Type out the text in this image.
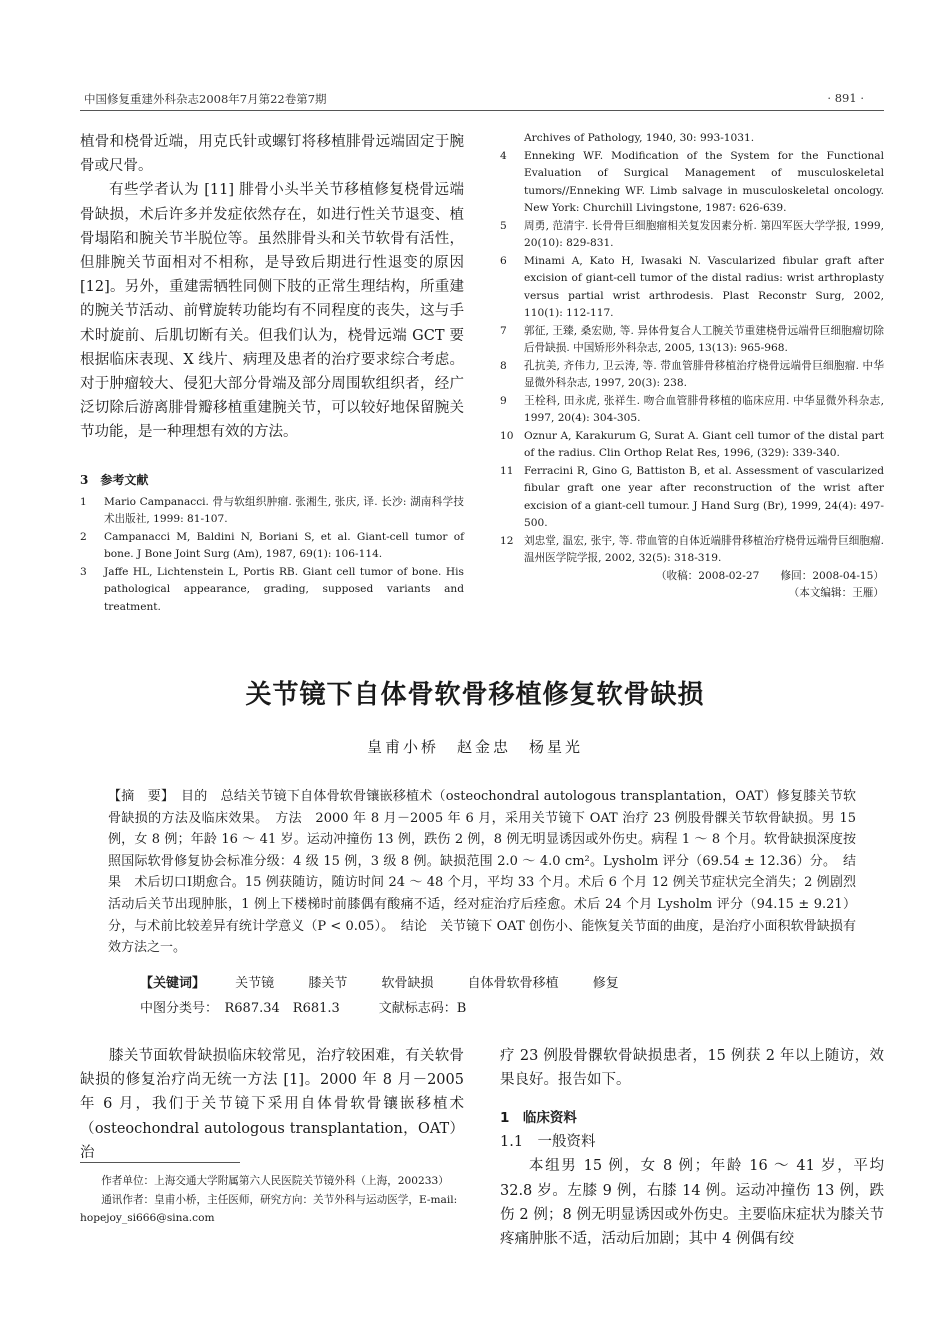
中国修复重建外科杂志2008年7月第22卷第7期	· 891 ·

植骨和桡骨近端，用克氏针或螺钉将移植腓骨远端固定于腕骨或尺骨。

有些学者认为 [11] 腓骨小头半关节移植修复桡骨远端骨缺损，术后许多并发症依然存在，如进行性关节退变、植骨塌陷和腕关节半脱位等。虽然腓骨头和关节软骨有活性，但腓腕关节面相对不相称，是导致后期进行性退变的原因 [12]。另外，重建需牺牲同侧下肢的正常生理结构，所重建的腕关节活动、前臂旋转功能均有不同程度的丧失，这与手术时旋前、后肌切断有关。但我们认为，桡骨远端 GCT 要根据临床表现、X 线片、病理及患者的治疗要求综合考虑。对于肿瘤较大、侵犯大部分骨端及部分周围软组织者，经广泛切除后游离腓骨瓣移植重建腕关节，可以较好地保留腕关节功能，是一种理想有效的方法。

3　参考文献

1	Mario Campanacci. 骨与软组织肿瘤. 张湘生, 张庆, 译. 长沙: 湖南科学技术出版社, 1999: 81-107.
2	Campanacci M, Baldini N, Boriani S, et al. Giant-cell tumor of bone. J Bone Joint Surg (Am), 1987, 69(1): 106-114.
3	Jaffe HL, Lichtenstein L, Portis RB. Giant cell tumor of bone. His pathological appearance, grading, supposed variants and treatment.
Archives of Pathology, 1940, 30: 993-1031.
4	Enneking WF. Modification of the System for the Functional Evaluation of Surgical Management of musculoskeletal tumors//Enneking WF. Limb salvage in musculoskeletal oncology. New York: Churchill Livingstone, 1987: 626-639.
5	周勇, 范清宇. 长骨骨巨细胞瘤相关复发因素分析. 第四军医大学学报, 1999, 20(10): 829-831.
6	Minami A, Kato H, Iwasaki N. Vascularized fibular graft after excision of giant-cell tumor of the distal radius: wrist arthroplasty versus partial wrist arthrodesis. Plast Reconstr Surg, 2002, 110(1): 112-117.
7	郭征, 王臻, 桑宏勋, 等. 异体骨复合人工腕关节重建桡骨远端骨巨细胞瘤切除后骨缺损. 中国矫形外科杂志, 2005, 13(13): 965-968.
8	孔抗美, 齐伟力, 卫云涛, 等. 带血管腓骨移植治疗桡骨远端骨巨细胞瘤. 中华显微外科杂志, 1997, 20(3): 238.
9	王栓科, 田永虎, 张祥生. 吻合血管腓骨移植的临床应用. 中华显微外科杂志, 1997, 20(4): 304-305.
10 Oznur A, Karakurum G, Surat A. Giant cell tumor of the distal part of the radius. Clin Orthop Relat Res, 1996, (329): 339-340.
11 Ferracini R, Gino G, Battiston B, et al. Assessment of vascularized fibular graft one year after reconstruction of the wrist after excision of a giant-cell tumour. J Hand Surg (Br), 1999, 24(4): 497-500.
12 刘忠堂, 温宏, 张宇, 等. 带血管的自体近端腓骨移植治疗桡骨远端骨巨细胞瘤. 温州医学院学报, 2002, 32(5): 318-319.
（收稿：2008-02-27　　修回：2008-04-15）
（本文编辑：王雁）
关节镜下自体骨软骨移植修复软骨缺损
皇甫小桥　赵金忠　杨星光
【摘　要】　目的　总结关节镜下自体骨软骨镶嵌移植术（osteochondral autologous transplantation，OAT）修复膝关节软骨缺损的方法及临床效果。　方法　2000 年 8 月－2005 年 6 月，采用关节镜下 OAT 治疗 23 例股骨髁关节软骨缺损。男 15 例，女 8 例；年龄 16 ～ 41 岁。运动冲撞伤 13 例，跌伤 2 例，8 例无明显诱因或外伤史。病程 1 ～ 8 个月。软骨缺损深度按照国际软骨修复协会标准分级：4 级 15 例，3 级 8 例。缺损范围 2.0 ～ 4.0 cm²。Lysholm 评分（69.54 ± 12.36）分。　结果　术后切口Ⅰ期愈合。15 例获随访，随访时间 24 ～ 48 个月，平均 33 个月。术后 6 个月 12 例关节症状完全消失；2 例剧烈活动后关节出现肿胀，1 例上下楼梯时前膝偶有酸痛不适，经对症治疗后痊愈。术后 24 个月 Lysholm 评分（94.15 ± 9.21）分，与术前比较差异有统计学意义（P < 0.05）。　结论　关节镜下 OAT 创伤小、能恢复关节面的曲度，是治疗小面积软骨缺损有效方法之一。
【关键词】 关节镜	膝关节	软骨缺损	自体骨软骨移植	修复
中图分类号：　R687.34　R681.3　　　文献标志码：B

膝关节面软骨缺损临床较常见，治疗较困难，有关软骨缺损的修复治疗尚无统一方法 [1]。2000 年 8 月－2005 年 6 月，我们于关节镜下采用自体骨软骨镶嵌移植术（osteochondral autologous transplantation，OAT）治

作者单位：上海交通大学附属第六人民医院关节镜外科（上海，200233）

通讯作者：皇甫小桥，主任医师，研究方向：关节外科与运动医学，E-mail: hopejoy_si666@sina.com

疗 23 例股骨髁软骨缺损患者，15 例获 2 年以上随访，效果良好。报告如下。

1　临床资料

1.1　一般资料

本组男 15 例，女 8 例；年龄 16 ～ 41 岁，平均 32.8 岁。左膝 9 例，右膝 14 例。运动冲撞伤 13 例，跌伤 2 例；8 例无明显诱因或外伤史。主要临床症状为膝关节疼痛肿胀不适，活动后加剧；其中 4 例偶有绞
